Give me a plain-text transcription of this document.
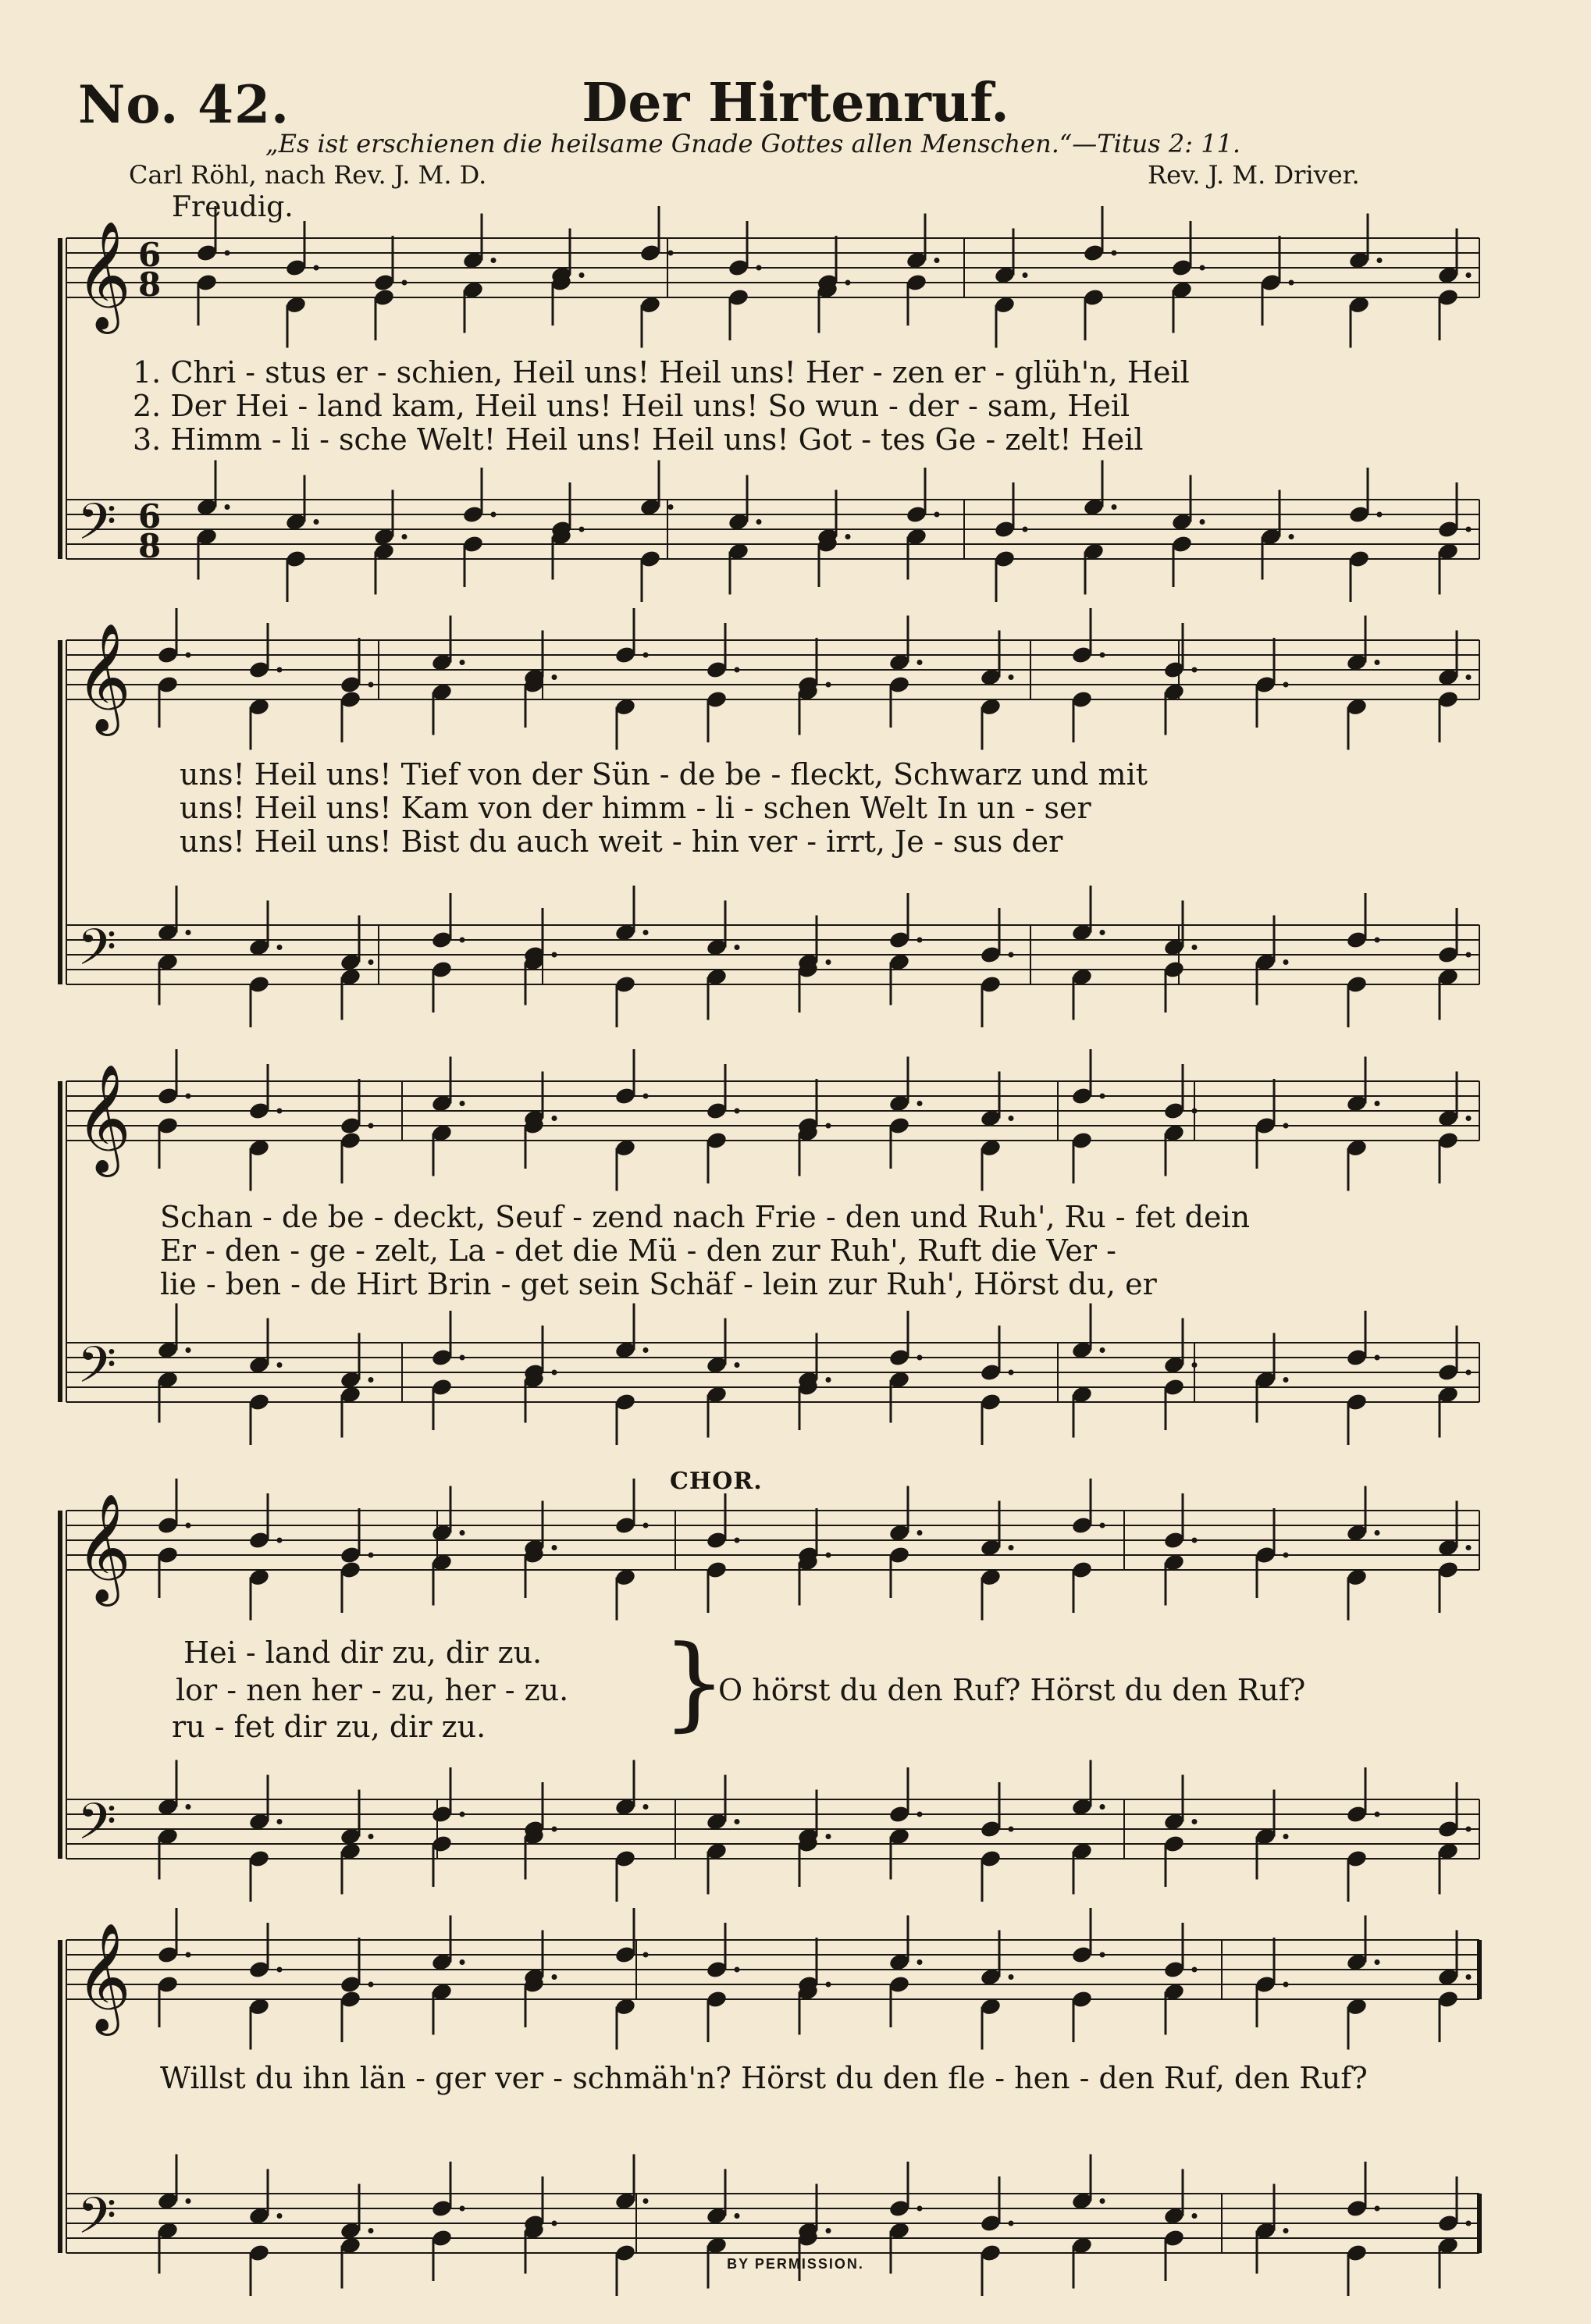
No. 42.	Der Hirtenruf.
„Es ist erschienen die heilsame Gnade Gottes allen Menschen.“—Titus 2: 11.
Carl Röhl, nach Rev. J. M. D.	Rev. J. M. Driver.
Freudig.
𝄞
𝄢
6
8
6
8
𝄞
𝄢
𝄞
𝄢
𝄞
𝄢
𝄞
𝄢
1. Chri - stus er - schien, Heil uns! Heil uns! Her - zen er - glüh'n, Heil
2. Der Hei - land kam, Heil uns! Heil uns! So wun - der - sam, Heil
3. Himm - li - sche Welt! Heil uns! Heil uns! Got - tes Ge - zelt! Heil
uns! Heil uns! Tief von der Sün - de be - fleckt, Schwarz und mit
uns! Heil uns! Kam von der himm - li - schen Welt In un - ser
uns! Heil uns! Bist du auch weit - hin ver - irrt, Je - sus der
Schan - de be - deckt, Seuf - zend nach Frie - den und Ruh', Ru - fet dein
Er - den - ge - zelt, La - det die Mü - den zur Ruh', Ruft die Ver -
lie - ben - de Hirt Brin - get sein Schäf - lein zur Ruh', Hörst du, er
CHOR.
Hei - land dir zu, dir zu.
lor - nen her - zu, her - zu.
ru - fet dir zu, dir zu. }
O hörst du den Ruf? Hörst du den Ruf?
Willst du ihn län - ger ver - schmäh'n? Hörst du den fle - hen - den Ruf, den Ruf?
BY PERMISSION.
